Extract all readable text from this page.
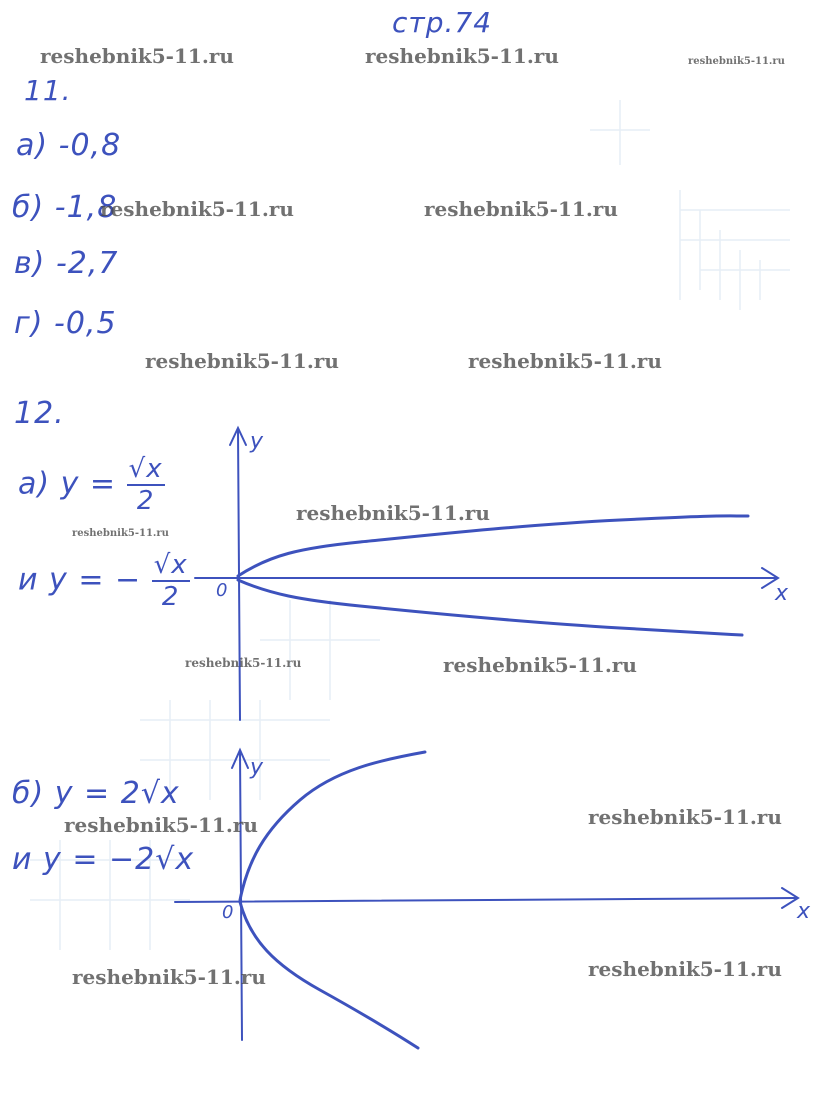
стр.74
11.
а) -0,8
б) -1,8
в) -2,7
г) -0,5
12.
а) $y = \frac{√x}{2}$
и y = − $\frac{√x}{2}$
б) y = 2√x
и y = −2√x
y
x
0
y
x
0
reshebnik5-11.ru	reshebnik5-11.ru	reshebnik5-11.ru
reshebnik5-11.ru	reshebnik5-11.ru
reshebnik5-11.ru	reshebnik5-11.ru
reshebnik5-11.ru
reshebnik5-11.ru
reshebnik5-11.ru	reshebnik5-11.ru
reshebnik5-11.ru
reshebnik5-11.ru
reshebnik5-11.ru
reshebnik5-11.ru
